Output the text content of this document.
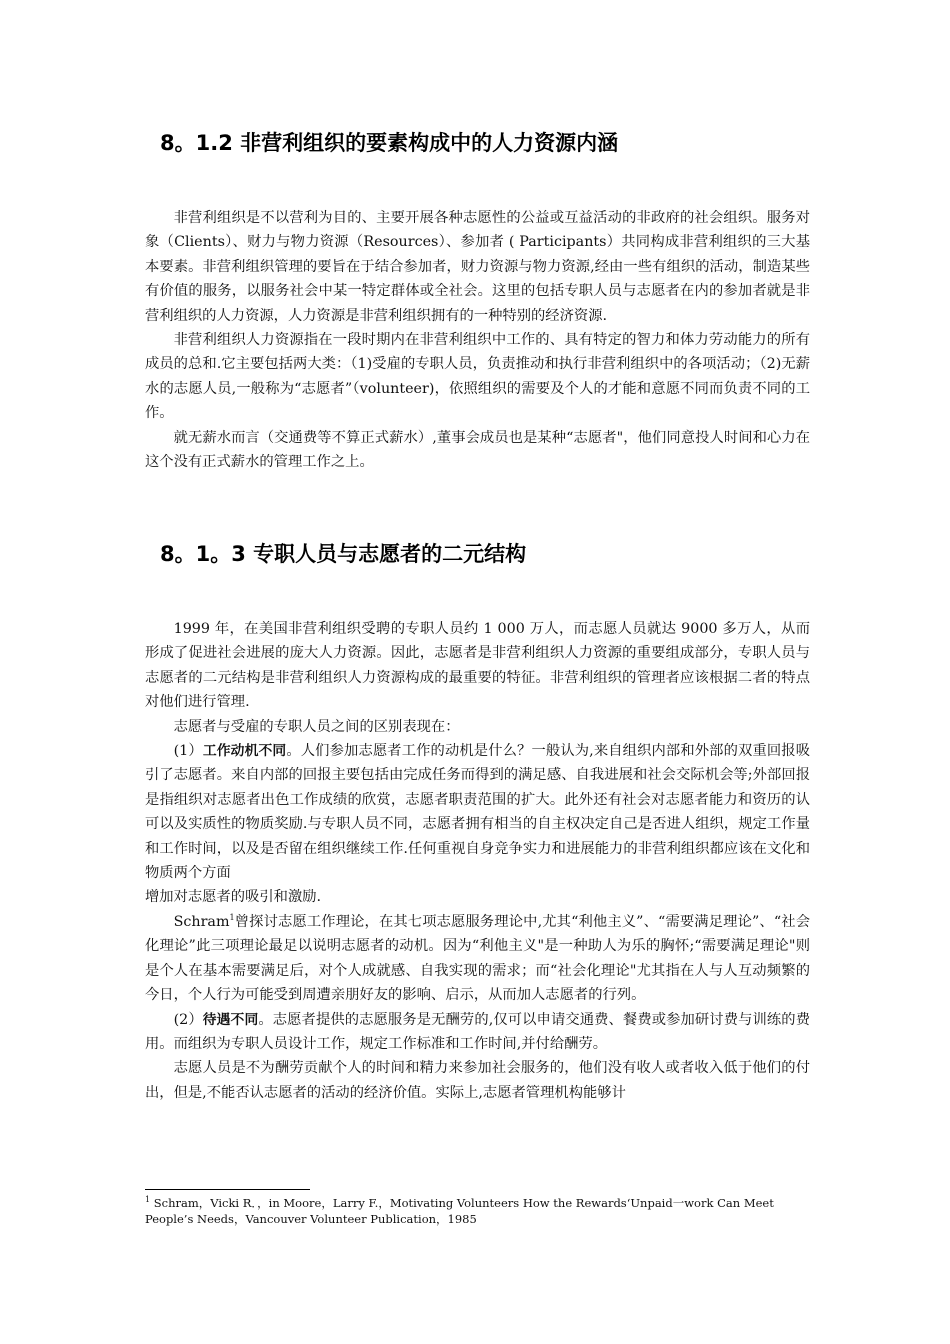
8。1.2 非营利组织的要素构成中的人力资源内涵

非营利组织是不以营利为目的、主要开展各种志愿性的公益或互益活动的非政府的社会组织。服务对象（Clients）、财力与物力资源（Resources）、参加者 ( Participants）共同构成非营利组织的三大基本要素。非营利组织管理的要旨在于结合参加者，财力资源与物力资源,经由一些有组织的活动，制造某些有价值的服务，以服务社会中某一特定群体或全社会。这里的包括专职人员与志愿者在内的参加者就是非营利组织的人力资源，人力资源是非营利组织拥有的一种特别的经济资源.

非营利组织人力资源指在一段时期内在非营利组织中工作的、具有特定的智力和体力劳动能力的所有成员的总和.它主要包括两大类：（1)受雇的专职人员，负责推动和执行非营利组织中的各项活动；（2)无薪水的志愿人员,一般称为“志愿者”（volunteer)，依照组织的需要及个人的才能和意愿不同而负责不同的工作。

就无薪水而言（交通费等不算正式薪水）,董事会成员也是某种“志愿者"，他们同意投人时间和心力在这个没有正式薪水的管理工作之上。

8。1。3 专职人员与志愿者的二元结构

1999 年，在美国非营利组织受聘的专职人员约 1 000 万人，而志愿人员就达 9000 多万人，从而形成了促进社会进展的庞大人力资源。因此，志愿者是非营利组织人力资源的重要组成部分，专职人员与志愿者的二元结构是非营利组织人力资源构成的最重要的特征。非营利组织的管理者应该根据二者的特点对他们进行管理.

志愿者与受雇的专职人员之间的区别表现在：

(1）工作动机不同。人们参加志愿者工作的动机是什么？一般认为,来自组织内部和外部的双重回报吸引了志愿者。来自内部的回报主要包括由完成任务而得到的满足感、自我进展和社会交际机会等;外部回报是指组织对志愿者出色工作成绩的欣赏，志愿者职责范围的扩大。此外还有社会对志愿者能力和资历的认可以及实质性的物质奖励.与专职人员不同，志愿者拥有相当的自主权决定自己是否进人组织，规定工作量和工作时间，以及是否留在组织继续工作.任何重视自身竞争实力和进展能力的非营利组织都应该在文化和物质两个方面

增加对志愿者的吸引和激励.

Schram$^1$曾探讨志愿工作理论，在其七项志愿服务理论中,尤其“利他主义”、“需要满足理论”、“社会化理论”此三项理论最足以说明志愿者的动机。因为“利他主义"是一种助人为乐的胸怀;“需要满足理论"则是个人在基本需要满足后，对个人成就感、自我实现的需求；而“社会化理论"尤其指在人与人互动频繁的今日，个人行为可能受到周遭亲朋好友的影响、启示，从而加人志愿者的行列。

(2）待遇不同。志愿者提供的志愿服务是无酬劳的,仅可以申请交通费、餐费或参加研讨费与训练的费用。而组织为专职人员设计工作，规定工作标准和工作时间,并付给酬劳。

志愿人员是不为酬劳贡献个人的时间和精力来参加社会服务的，他们没有收人或者收入低于他们的付出，但是,不能否认志愿者的活动的经济价值。实际上,志愿者管理机构能够计

$^1$ Schram，Vicki R．，in Moore，Larry F.，Motivating Volunteers How the Rewards‘Unpaid一work Can Meet People’s Needs，Vancouver Volunteer Publication，1985
